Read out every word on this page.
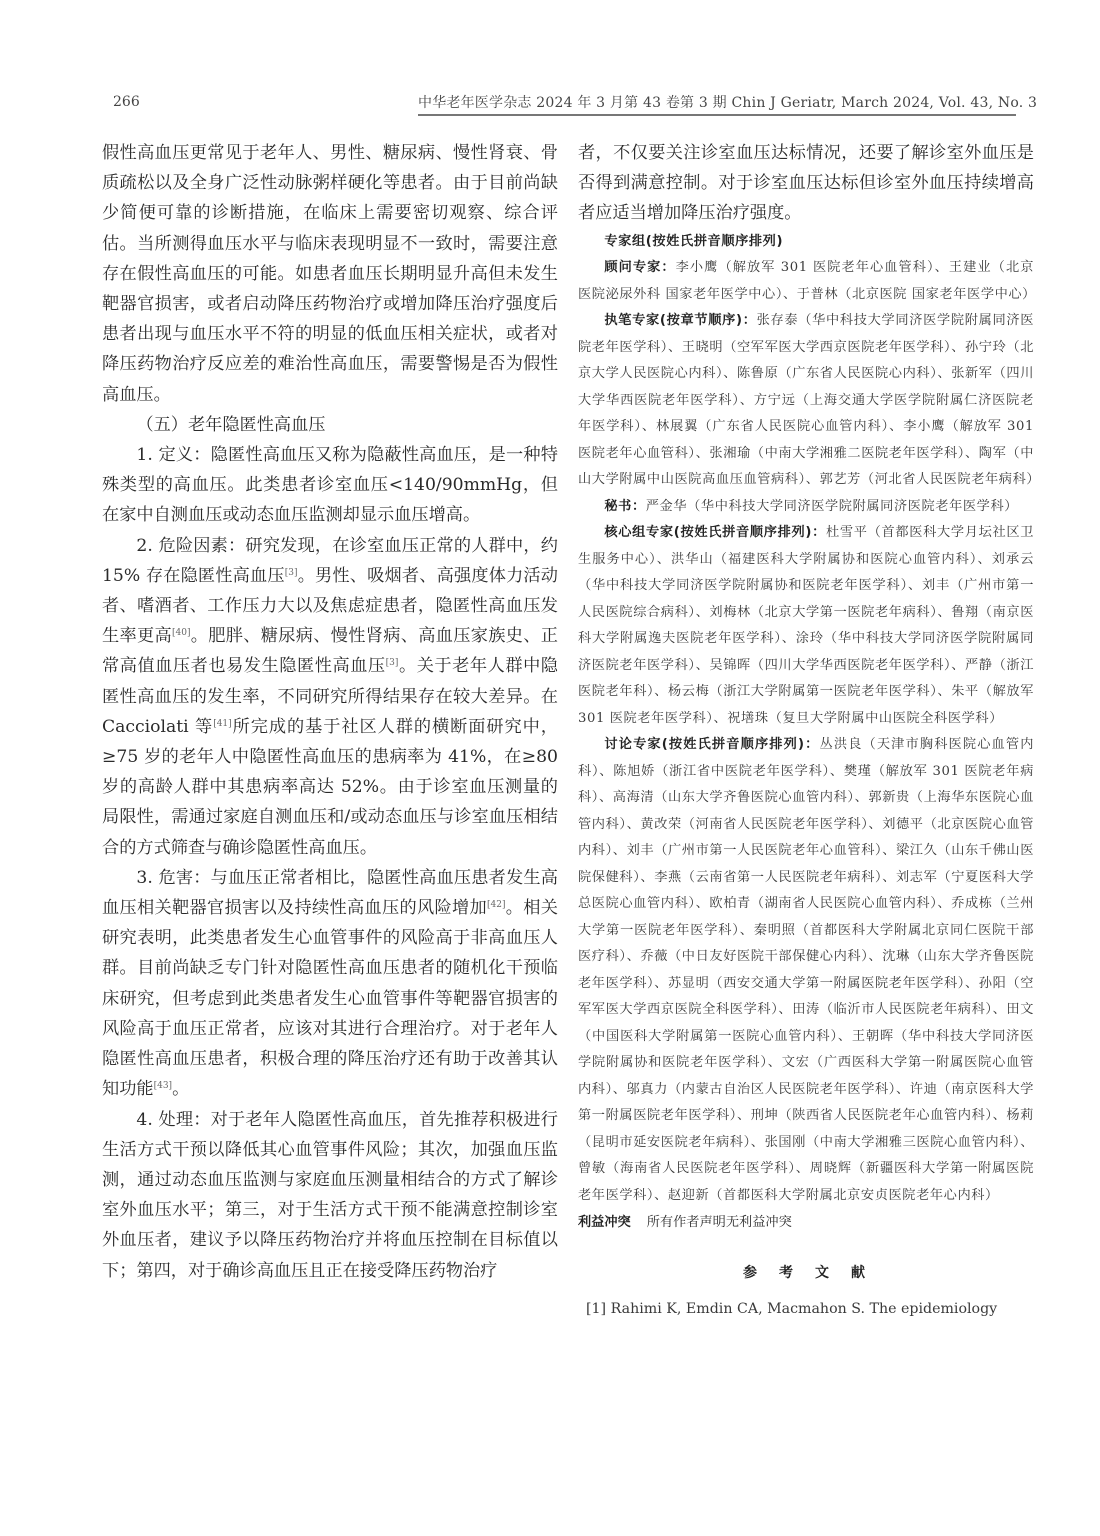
266	中华老年医学杂志 2024 年 3 月第 43 卷第 3 期 Chin J Geriatr, March 2024, Vol. 43, No. 3

假性高血压更常见于老年人、男性、糖尿病、慢性肾衰、骨质疏松以及全身广泛性动脉粥样硬化等患者。由于目前尚缺少简便可靠的诊断措施，在临床上需要密切观察、综合评估。当所测得血压水平与临床表现明显不一致时，需要注意存在假性高血压的可能。如患者血压长期明显升高但未发生靶器官损害，或者启动降压药物治疗或增加降压治疗强度后患者出现与血压水平不符的明显的低血压相关症状，或者对降压药物治疗反应差的难治性高血压，需要警惕是否为假性高血压。

（五）老年隐匿性高血压

1. 定义：隐匿性高血压又称为隐蔽性高血压，是一种特殊类型的高血压。此类患者诊室血压<140/90mmHg，但在家中自测血压或动态血压监测却显示血压增高。

2. 危险因素：研究发现，在诊室血压正常的人群中，约 15% 存在隐匿性高血压[3]。男性、吸烟者、高强度体力活动者、嗜酒者、工作压力大以及焦虑症患者，隐匿性高血压发生率更高[40]。肥胖、糖尿病、慢性肾病、高血压家族史、正常高值血压者也易发生隐匿性高血压[3]。关于老年人群中隐匿性高血压的发生率，不同研究所得结果存在较大差异。在 Cacciolati 等[41]所完成的基于社区人群的横断面研究中，≥75 岁的老年人中隐匿性高血压的患病率为 41%，在≥80 岁的高龄人群中其患病率高达 52%。由于诊室血压测量的局限性，需通过家庭自测血压和/或动态血压与诊室血压相结合的方式筛查与确诊隐匿性高血压。

3. 危害：与血压正常者相比，隐匿性高血压患者发生高血压相关靶器官损害以及持续性高血压的风险增加[42]。相关研究表明，此类患者发生心血管事件的风险高于非高血压人群。目前尚缺乏专门针对隐匿性高血压患者的随机化干预临床研究，但考虑到此类患者发生心血管事件等靶器官损害的风险高于血压正常者，应该对其进行合理治疗。对于老年人隐匿性高血压患者，积极合理的降压治疗还有助于改善其认知功能[43]。

4. 处理：对于老年人隐匿性高血压，首先推荐积极进行生活方式干预以降低其心血管事件风险；其次，加强血压监测，通过动态血压监测与家庭血压测量相结合的方式了解诊室外血压水平；第三，对于生活方式干预不能满意控制诊室外血压者，建议予以降压药物治疗并将血压控制在目标值以下；第四，对于确诊高血压且正在接受降压药物治疗

者，不仅要关注诊室血压达标情况，还要了解诊室外血压是否得到满意控制。对于诊室血压达标但诊室外血压持续增高者应适当增加降压治疗强度。

专家组(按姓氏拼音顺序排列)

顾问专家：李小鹰（解放军 301 医院老年心血管科）、王建业（北京医院泌尿外科 国家老年医学中心）、于普林（北京医院 国家老年医学中心）

执笔专家(按章节顺序)：张存泰（华中科技大学同济医学院附属同济医院老年医学科）、王晓明（空军军医大学西京医院老年医学科）、孙宁玲（北京大学人民医院心内科）、陈鲁原（广东省人民医院心内科）、张新军（四川大学华西医院老年医学科）、方宁远（上海交通大学医学院附属仁济医院老年医学科）、林展翼（广东省人民医院心血管内科）、李小鹰（解放军 301 医院老年心血管科）、张湘瑜（中南大学湘雅二医院老年医学科）、陶军（中山大学附属中山医院高血压血管病科）、郭艺芳（河北省人民医院老年病科）

秘书：严金华（华中科技大学同济医学院附属同济医院老年医学科）

核心组专家(按姓氏拼音顺序排列)：杜雪平（首都医科大学月坛社区卫生服务中心）、洪华山（福建医科大学附属协和医院心血管内科）、刘承云（华中科技大学同济医学院附属协和医院老年医学科）、刘丰（广州市第一人民医院综合病科）、刘梅林（北京大学第一医院老年病科）、鲁翔（南京医科大学附属逸夫医院老年医学科）、涂玲（华中科技大学同济医学院附属同济医院老年医学科）、吴锦晖（四川大学华西医院老年医学科）、严静（浙江医院老年科）、杨云梅（浙江大学附属第一医院老年医学科）、朱平（解放军 301 医院老年医学科）、祝墡珠（复旦大学附属中山医院全科医学科）

讨论专家(按姓氏拼音顺序排列)：丛洪良（天津市胸科医院心血管内科）、陈旭娇（浙江省中医院老年医学科）、樊瑾（解放军 301 医院老年病科）、高海清（山东大学齐鲁医院心血管内科）、郭新贵（上海华东医院心血管内科）、黄改荣（河南省人民医院老年医学科）、刘德平（北京医院心血管内科）、刘丰（广州市第一人民医院老年心血管科）、梁江久（山东千佛山医院保健科）、李燕（云南省第一人民医院老年病科）、刘志军（宁夏医科大学总医院心血管内科）、欧柏青（湖南省人民医院心血管内科）、乔成栋（兰州大学第一医院老年医学科）、秦明照（首都医科大学附属北京同仁医院干部医疗科）、乔薇（中日友好医院干部保健心内科）、沈琳（山东大学齐鲁医院老年医学科）、苏显明（西安交通大学第一附属医院老年医学科）、孙阳（空军军医大学西京医院全科医学科）、田涛（临沂市人民医院老年病科）、田文（中国医科大学附属第一医院心血管内科）、王朝晖（华中科技大学同济医学院附属协和医院老年医学科）、文宏（广西医科大学第一附属医院心血管内科）、邬真力（内蒙古自治区人民医院老年医学科）、许迪（南京医科大学第一附属医院老年医学科）、刑坤（陕西省人民医院老年心血管内科）、杨莉（昆明市延安医院老年病科）、张国刚（中南大学湘雅三医院心血管内科）、曾敏（海南省人民医院老年医学科）、周晓辉（新疆医科大学第一附属医院老年医学科）、赵迎新（首都医科大学附属北京安贞医院老年心内科）

利益冲突 所有作者声明无利益冲突
参考文献
[1] Rahimi K, Emdin CA, Macmahon S. The epidemiology
